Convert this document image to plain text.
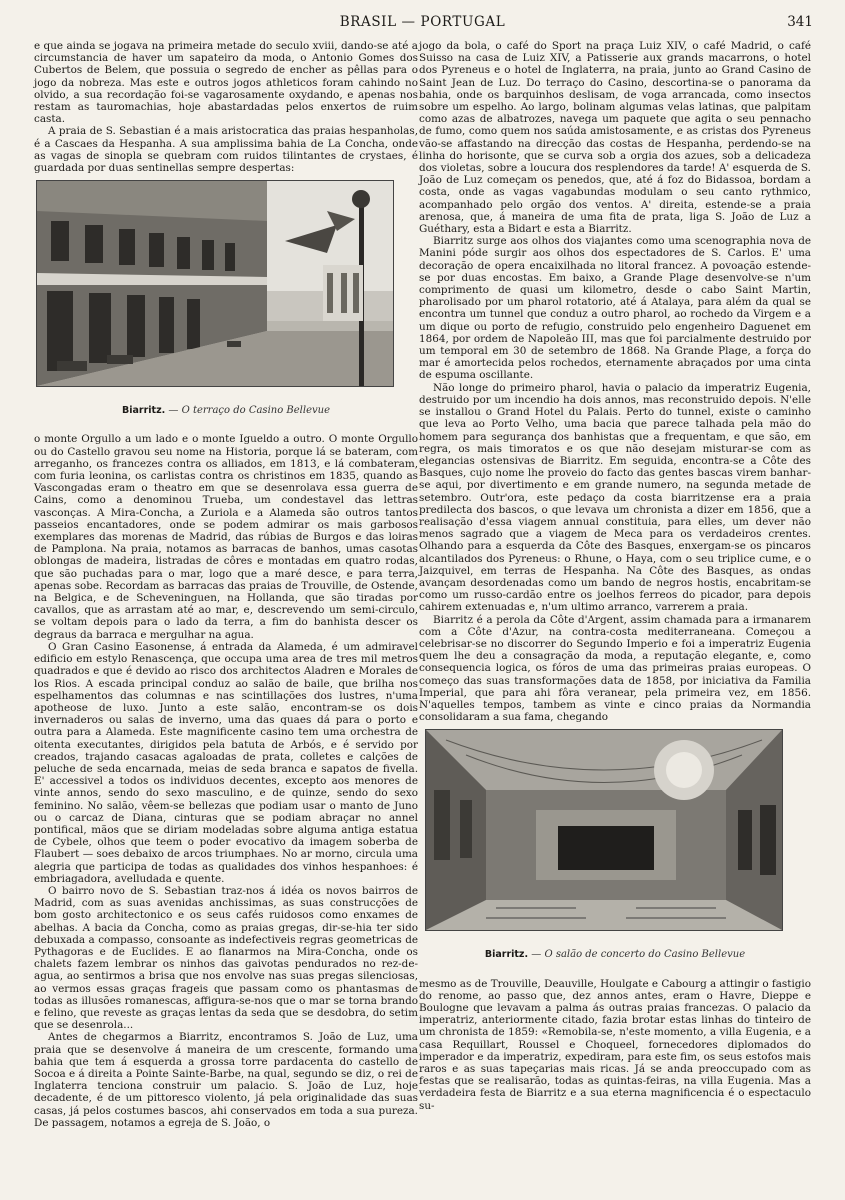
BRASIL — PORTUGAL	341

e que ainda se jogava na primeira metade do seculo xviii, dando-se até a circumstancia de haver um sapateiro da moda, o Antonio Gomes dos Cubertos de Belem, que possuia o segredo de encher as pêllas para o jogo da nobreza. Mas este e outros jogos athleticos foram cahindo no olvido, a sua recordação foi-se vagarosamente oxydando, e apenas nos restam as tauromachias, hoje abastardadas pelos enxertos de ruim casta.

A praia de S. Sebastian é a mais aristocratica das praias hespanholas, é a Cascaes da Hespanha. A sua amplissima bahia de La Concha, onde as vagas de sinopla se quebram com ruidos tilintantes de crystaes, é guardada por duas sentinellas sempre despertas:

Biarritz. — O terraço do Casino Bellevue

o monte Orgullo a um lado e o monte Igueldo a outro. O monte Orgullo ou do Castello gravou seu nome na Historia, porque lá se bateram, com arreganho, os francezes contra os alliados, em 1813, e lá combateram, com furia leonina, os carlistas contra os christinos em 1835, quando as Vascongadas eram o theatro em que se desenrolava essa guerra de Cains, como a denominou Trueba, um condestavel das lettras vasconças. A Mira-Concha, a Zuriola e a Alameda são outros tantos passeios encantadores, onde se podem admirar os mais garbosos exemplares das morenas de Madrid, das rúbias de Burgos e das loiras de Pamplona. Na praia, notamos as barracas de banhos, umas casotas oblongas de madeira, listradas de côres e montadas em quatro rodas, que são puchadas para o mar, logo que a maré desce, e para terra, apenas sobe. Recordam as barracas das praias de Trouville, de Ostende, na Belgica, e de Scheveninguen, na Hollanda, que são tiradas por cavallos, que as arrastam até ao mar, e, descrevendo um semi-circulo, se voltam depois para o lado da terra, a fim do banhista descer os degraus da barraca e mergulhar na agua.

O Gran Casino Easonense, á entrada da Alameda, é um admiravel edificio em estylo Renascença, que occupa uma area de tres mil metros quadrados e que é devido ao risco dos architectos Aladren e Morales de los Rios. A escada principal conduz ao salão de baile, que brilha nos espelhamentos das columnas e nas scintillações dos lustres, n'uma apotheose de luxo. Junto a este salão, encontram-se os dois invernaderos ou salas de inverno, uma das quaes dá para o porto e outra para a Alameda. Este magnificente casino tem uma orchestra de oitenta executantes, dirigidos pela batuta de Arbós, e é servido por creados, trajando casacas agaloadas de prata, colletes e calções de peluche de seda encarnada, meias de seda branca e sapatos de fivella. E' accessivel a todos os individuos decentes, excepto aos menores de vinte annos, sendo do sexo masculino, e de quinze, sendo do sexo feminino. No salão, vêem-se bellezas que podiam usar o manto de Juno ou o carcaz de Diana, cinturas que se podiam abraçar no annel pontifical, mãos que se diriam modeladas sobre alguma antiga estatua de Cybele, olhos que teem o poder evocativo da imagem soberba de Flaubert — soes debaixo de arcos triumphaes. No ar morno, circula uma alegria que participa de todas as qualidades dos vinhos hespanhoes: é embriagadora, avelludada e quente.

O bairro novo de S. Sebastian traz-nos á idéa os novos bairros de Madrid, com as suas avenidas anchissimas, as suas construcções de bom gosto architectonico e os seus cafés ruidosos como enxames de abelhas. A bacia da Concha, como as praias gregas, dir-se-hia ter sido debuxada a compasso, consoante as indefectiveis regras geometricas de Pythagoras e de Euclides. E ao flanarmos na Mira-Concha, onde os chalets fazem lembrar os ninhos das gaivotas pendurados no rez-de-agua, ao sentirmos a brisa que nos envolve nas suas pregas silenciosas, ao vermos essas graças frageis que passam como os phantasmas de todas as illusões romanescas, affigura-se-nos que o mar se torna brando e felino, que reveste as graças lentas da seda que se desdobra, do setim que se desenrola...

Antes de chegarmos a Biarritz, encontramos S. João de Luz, uma praia que se desenvolve á maneira de um crescente, formando uma bahia que tem á esquerda a grossa torre pardacenta do castello de Socoa e á direita a Pointe Sainte-Barbe, na qual, segundo se diz, o rei de Inglaterra tenciona construir um palacio. S. João de Luz, hoje decadente, é de um pittoresco violento, já pela originalidade das suas casas, já pelos costumes bascos, ahi conservados em toda a sua pureza. De passagem, notamos a egreja de S. João, o

jogo da bola, o café do Sport na praça Luiz XIV, o café Madrid, o café Suisso na casa de Luiz XIV, a Patisserie aux grands macarrons, o hotel dos Pyreneus e o hotel de Inglaterra, na praia, junto ao Grand Casino de Saint Jean de Luz. Do terraço do Casino, descortina-se o panorama da bahia, onde os barquinhos deslisam, de voga arrancada, como insectos sobre um espelho. Ao largo, bolinam algumas velas latinas, que palpitam como azas de albatrozes, navega um paquete que agita o seu pennacho de fumo, como quem nos saúda amistosamente, e as cristas dos Pyreneus vão-se affastando na direcção das costas de Hespanha, perdendo-se na linha do horisonte, que se curva sob a orgia dos azues, sob a delicadeza dos violetas, sobre a loucura dos resplendores da tarde! A' esquerda de S. João de Luz começam os penedos, que, até á foz do Bidassoa, bordam a costa, onde as vagas vagabundas modulam o seu canto rythmico, acompanhado pelo orgão dos ventos. A' direita, estende-se a praia arenosa, que, á maneira de uma fita de prata, liga S. João de Luz a Guéthary, esta a Bidart e esta a Biarritz.

Biarritz surge aos olhos dos viajantes como uma scenographia nova de Manini póde surgir aos olhos dos espectadores de S. Carlos. E' uma decoração de opera encaixilhada no litoral francez. A povoação estende-se por duas encostas. Em baixo, a Grande Plage desenvolve-se n'um comprimento de quasi um kilometro, desde o cabo Saint Martin, pharolisado por um pharol rotatorio, até á Atalaya, para além da qual se encontra um tunnel que conduz a outro pharol, ao rochedo da Virgem e a um dique ou porto de refugio, construido pelo engenheiro Daguenet em 1864, por ordem de Napoleão III, mas que foi parcialmente destruido por um temporal em 30 de setembro de 1868. Na Grande Plage, a força do mar é amortecida pelos rochedos, eternamente abraçados por uma cinta de espuma oscillante.

Não longe do primeiro pharol, havia o palacio da imperatriz Eugenia, destruido por um incendio ha dois annos, mas reconstruido depois. N'elle se installou o Grand Hotel du Palais. Perto do tunnel, existe o caminho que leva ao Porto Velho, uma bacia que parece talhada pela mão do homem para segurança dos banhistas que a frequentam, e que são, em regra, os mais timoratos e os que não desejam misturar-se com as elegancias ostensivas de Biarritz. Em seguida, encontra-se a Côte des Basques, cujo nome lhe proveio do facto das gentes bascas virem banhar-se aqui, por divertimento e em grande numero, na segunda metade de setembro. Outr'ora, este pedaço da costa biarritzense era a praia predilecta dos bascos, o que levava um chronista a dizer em 1856, que a realisação d'essa viagem annual constituia, para elles, um dever não menos sagrado que a viagem de Meca para os verdadeiros crentes. Olhando para a esquerda da Côte des Basques, enxergam-se os pincaros alcantilados dos Pyreneus: o Rhune, o Haya, com o seu triplice cume, e o Jaizquivel, em terras de Hespanha. Na Côte des Basques, as ondas avançam desordenadas como um bando de negros hostis, encabritam-se como um russo-cardão entre os joelhos ferreos do picador, para depois cahirem extenuadas e, n'um ultimo arranco, varrerem a praia.

Biarritz é a perola da Côte d'Argent, assim chamada para a irmanarem com a Côte d'Azur, na contra-costa mediterraneana. Começou a celebrisar-se no discorrer do Segundo Imperio e foi a imperatriz Eugenia quem lhe deu a consagração da moda, a reputação elegante, e, como consequencia logica, os fóros de uma das primeiras praias europeas. O começo das suas transformações data de 1858, por iniciativa da Familia Imperial, que para ahi fôra veranear, pela primeira vez, em 1856. N'aquelles tempos, tambem as vinte e cinco praias da Normandia consolidaram a sua fama, chegando

Biarritz. — O salão de concerto do Casino Bellevue

mesmo as de Trouville, Deauville, Houlgate e Cabourg a attingir o fastigio do renome, ao passo que, dez annos antes, eram o Havre, Dieppe e Boulogne que levavam a palma ás outras praias francezas. O palacio da imperatriz, anteriormente citado, fazia brotar estas linhas do tinteiro de um chronista de 1859: «Remobila-se, n'este momento, a villa Eugenia, e a casa Requillart, Roussel e Choqueel, fornecedores diplomados do imperador e da imperatriz, expediram, para este fim, os seus estofos mais raros e as suas tapeçarias mais ricas. Já se anda preoccupado com as festas que se realisarão, todas as quintas-feiras, na villa Eugenia. Mas a verdadeira festa de Biarritz e a sua eterna magnificencia é o espectaculo su-
